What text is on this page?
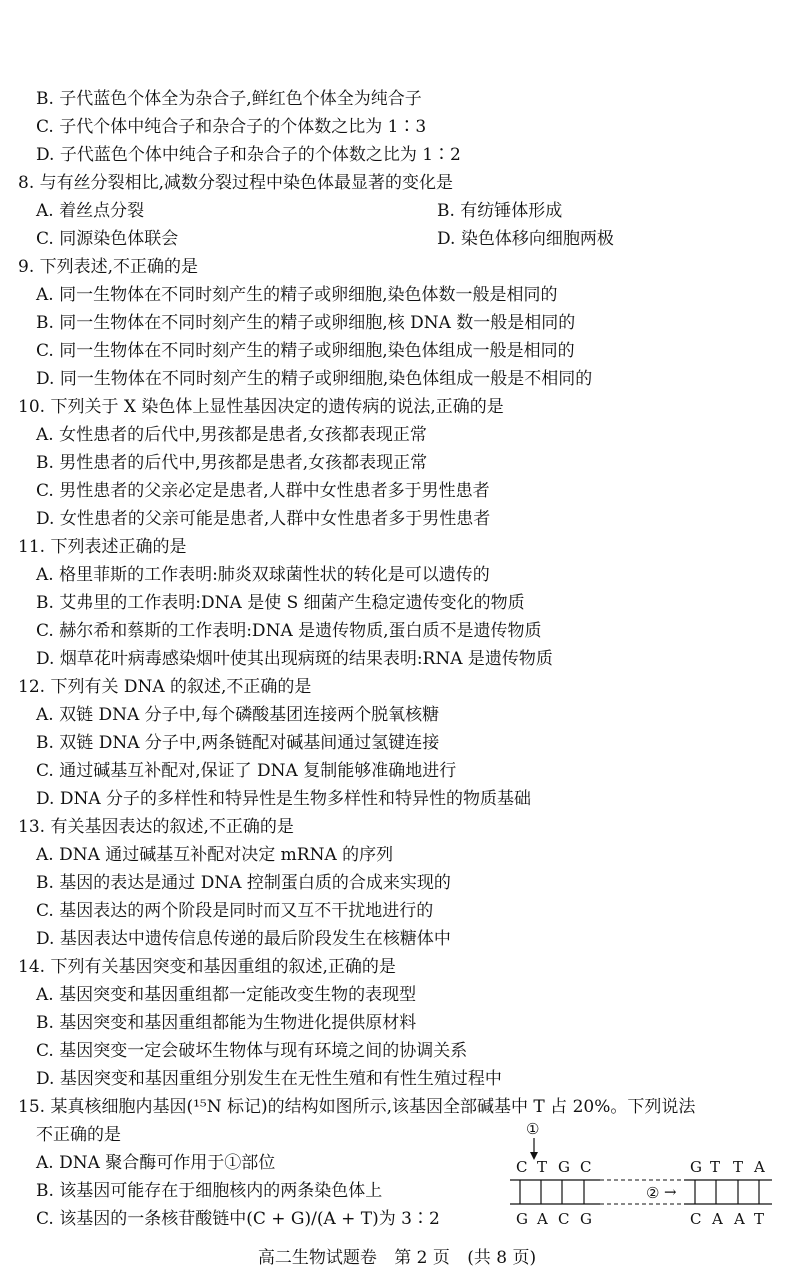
B. 子代蓝色个体全为杂合子,鲜红色个体全为纯合子
C. 子代个体中纯合子和杂合子的个体数之比为 1∶3
D. 子代蓝色个体中纯合子和杂合子的个体数之比为 1∶2
8. 与有丝分裂相比,减数分裂过程中染色体最显著的变化是
A. 着丝点分裂	B. 有纺锤体形成
C. 同源染色体联会	D. 染色体移向细胞两极
9. 下列表述,不正确的是
A. 同一生物体在不同时刻产生的精子或卵细胞,染色体数一般是相同的
B. 同一生物体在不同时刻产生的精子或卵细胞,核 DNA 数一般是相同的
C. 同一生物体在不同时刻产生的精子或卵细胞,染色体组成一般是相同的
D. 同一生物体在不同时刻产生的精子或卵细胞,染色体组成一般是不相同的
10. 下列关于 X 染色体上显性基因决定的遗传病的说法,正确的是
A. 女性患者的后代中,男孩都是患者,女孩都表现正常
B. 男性患者的后代中,男孩都是患者,女孩都表现正常
C. 男性患者的父亲必定是患者,人群中女性患者多于男性患者
D. 女性患者的父亲可能是患者,人群中女性患者多于男性患者
11. 下列表述正确的是
A. 格里菲斯的工作表明:肺炎双球菌性状的转化是可以遗传的
B. 艾弗里的工作表明:DNA 是使 S 细菌产生稳定遗传变化的物质
C. 赫尔希和蔡斯的工作表明:DNA 是遗传物质,蛋白质不是遗传物质
D. 烟草花叶病毒感染烟叶使其出现病斑的结果表明:RNA 是遗传物质
12. 下列有关 DNA 的叙述,不正确的是
A. 双链 DNA 分子中,每个磷酸基团连接两个脱氧核糖
B. 双链 DNA 分子中,两条链配对碱基间通过氢键连接
C. 通过碱基互补配对,保证了 DNA 复制能够准确地进行
D. DNA 分子的多样性和特异性是生物多样性和特异性的物质基础
13. 有关基因表达的叙述,不正确的是
A. DNA 通过碱基互补配对决定 mRNA 的序列
B. 基因的表达是通过 DNA 控制蛋白质的合成来实现的
C. 基因表达的两个阶段是同时而又互不干扰地进行的
D. 基因表达中遗传信息传递的最后阶段发生在核糖体中
14. 下列有关基因突变和基因重组的叙述,正确的是
A. 基因突变和基因重组都一定能改变生物的表现型
B. 基因突变和基因重组都能为生物进化提供原材料
C. 基因突变一定会破坏生物体与现有环境之间的协调关系
D. 基因突变和基因重组分别发生在无性生殖和有性生殖过程中
15. 某真核细胞内基因(¹⁵N 标记)的结构如图所示,该基因全部碱基中 T 占 20%。下列说法
不正确的是
A. DNA 聚合酶可作用于①部位
B. 该基因可能存在于细胞核内的两条染色体上
C. 该基因的一条核苷酸链中(C + G)/(A + T)为 3∶2
①
C T G C	G T T A
② →
G A C G	C A A T
高二生物试题卷 第 2 页 (共 8 页)
